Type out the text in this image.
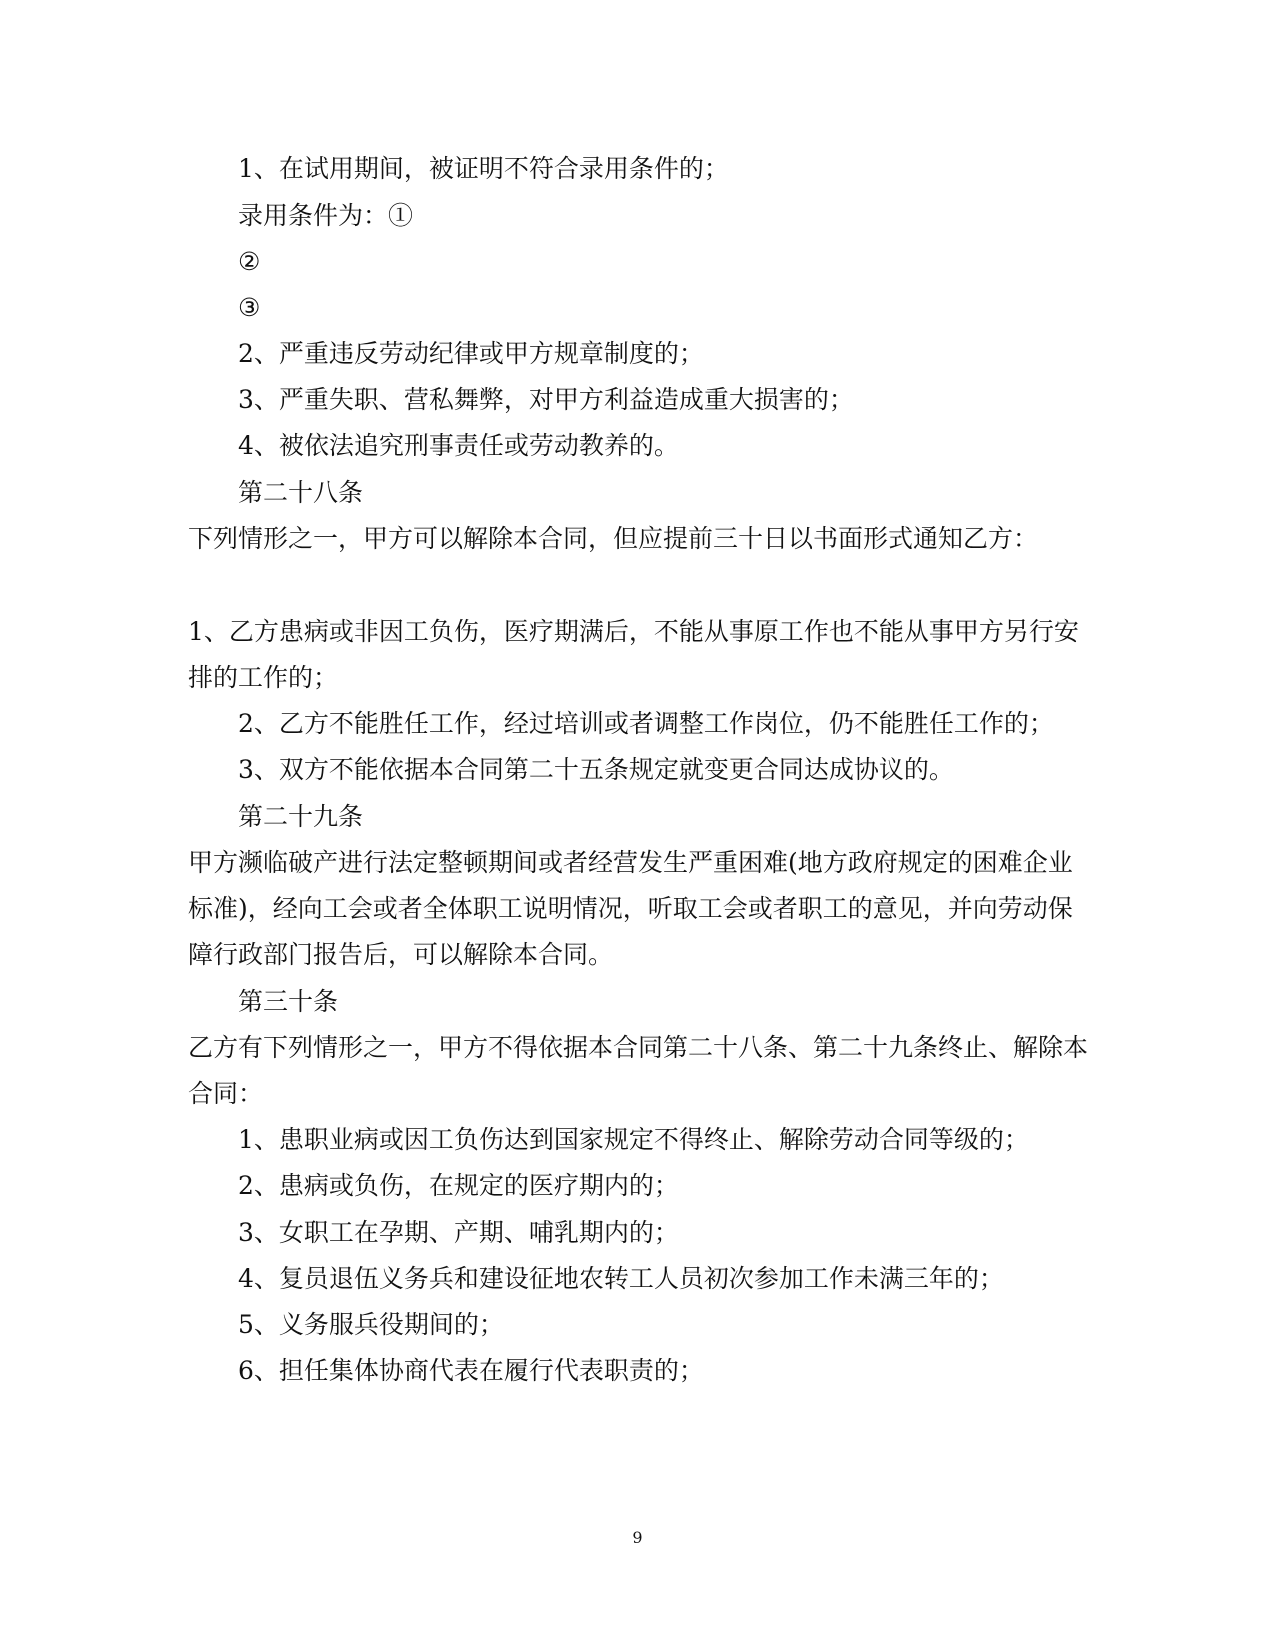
1、在试用期间，被证明不符合录用条件的；
录用条件为：①
②
③
2、严重违反劳动纪律或甲方规章制度的；
3、严重失职、营私舞弊，对甲方利益造成重大损害的；
4、被依法追究刑事责任或劳动教养的。
第二十八条
下列情形之一，甲方可以解除本合同，但应提前三十日以书面形式通知乙方：
1、乙方患病或非因工负伤，医疗期满后，不能从事原工作也不能从事甲方另行安
排的工作的；
2、乙方不能胜任工作，经过培训或者调整工作岗位，仍不能胜任工作的；
3、双方不能依据本合同第二十五条规定就变更合同达成协议的。
第二十九条
甲方濒临破产进行法定整顿期间或者经营发生严重困难(地方政府规定的困难企业
标准)，经向工会或者全体职工说明情况，听取工会或者职工的意见，并向劳动保
障行政部门报告后，可以解除本合同。
第三十条
乙方有下列情形之一，甲方不得依据本合同第二十八条、第二十九条终止、解除本
合同：
1、患职业病或因工负伤达到国家规定不得终止、解除劳动合同等级的；
2、患病或负伤，在规定的医疗期内的；
3、女职工在孕期、产期、哺乳期内的；
4、复员退伍义务兵和建设征地农转工人员初次参加工作未满三年的；
5、义务服兵役期间的；
6、担任集体协商代表在履行代表职责的；
9
